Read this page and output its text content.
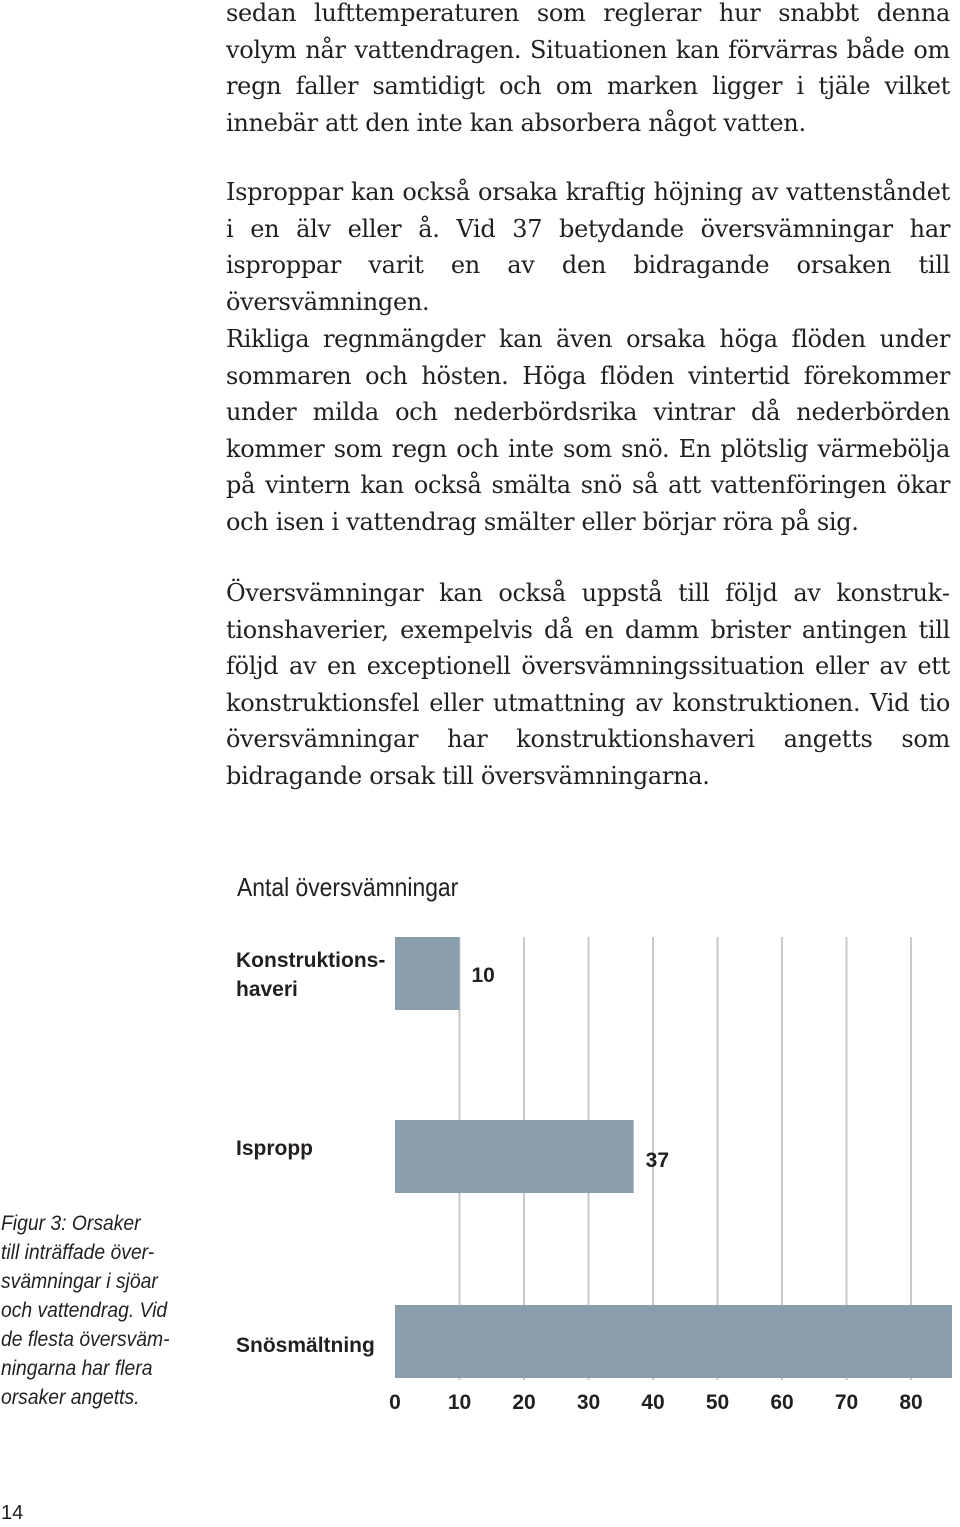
sedan lufttemperaturen som reglerar hur snabbt denna volym når vattendragen. Situationen kan förvärras både om regn faller samtidigt och om marken ligger i tjäle vilket innebär att den inte kan absorbera något vatten.

Isproppar kan också orsaka kraftig höjning av vattenståndet i en älv eller å. Vid 37 betydande översvämningar har isproppar varit en av den bidragande orsaken till översvämningen.

Rikliga regnmängder kan även orsaka höga flöden under sommaren och hösten. Höga flöden vintertid förekommer under milda och nederbördsrika vintrar då nederbörden kommer som regn och inte som snö. En plötslig värmebölja på vintern kan också smälta snö så att vattenföringen ökar och isen i vattendrag smälter eller börjar röra på sig.

Översvämningar kan också uppstå till följd av konstruktionshaverier, exempelvis då en damm brister antingen till följd av en exceptionell översvämningssituation eller av ett konstruktionsfel eller utmattning av konstruktionen. Vid tio översvämningar har konstruktionshaveri angetts som bidragande orsak till översvämningarna.

Antal översvämningar
0 10 20 30 40 50 60 70 80
Konstruktions-haveri
10
Ispropp
37
Snösmältning

Figur 3: Orsaker
till inträffade över-
svämningar i sjöar
och vattendrag. Vid
de flesta översväm-
ningarna har flera
orsaker angetts.

14
